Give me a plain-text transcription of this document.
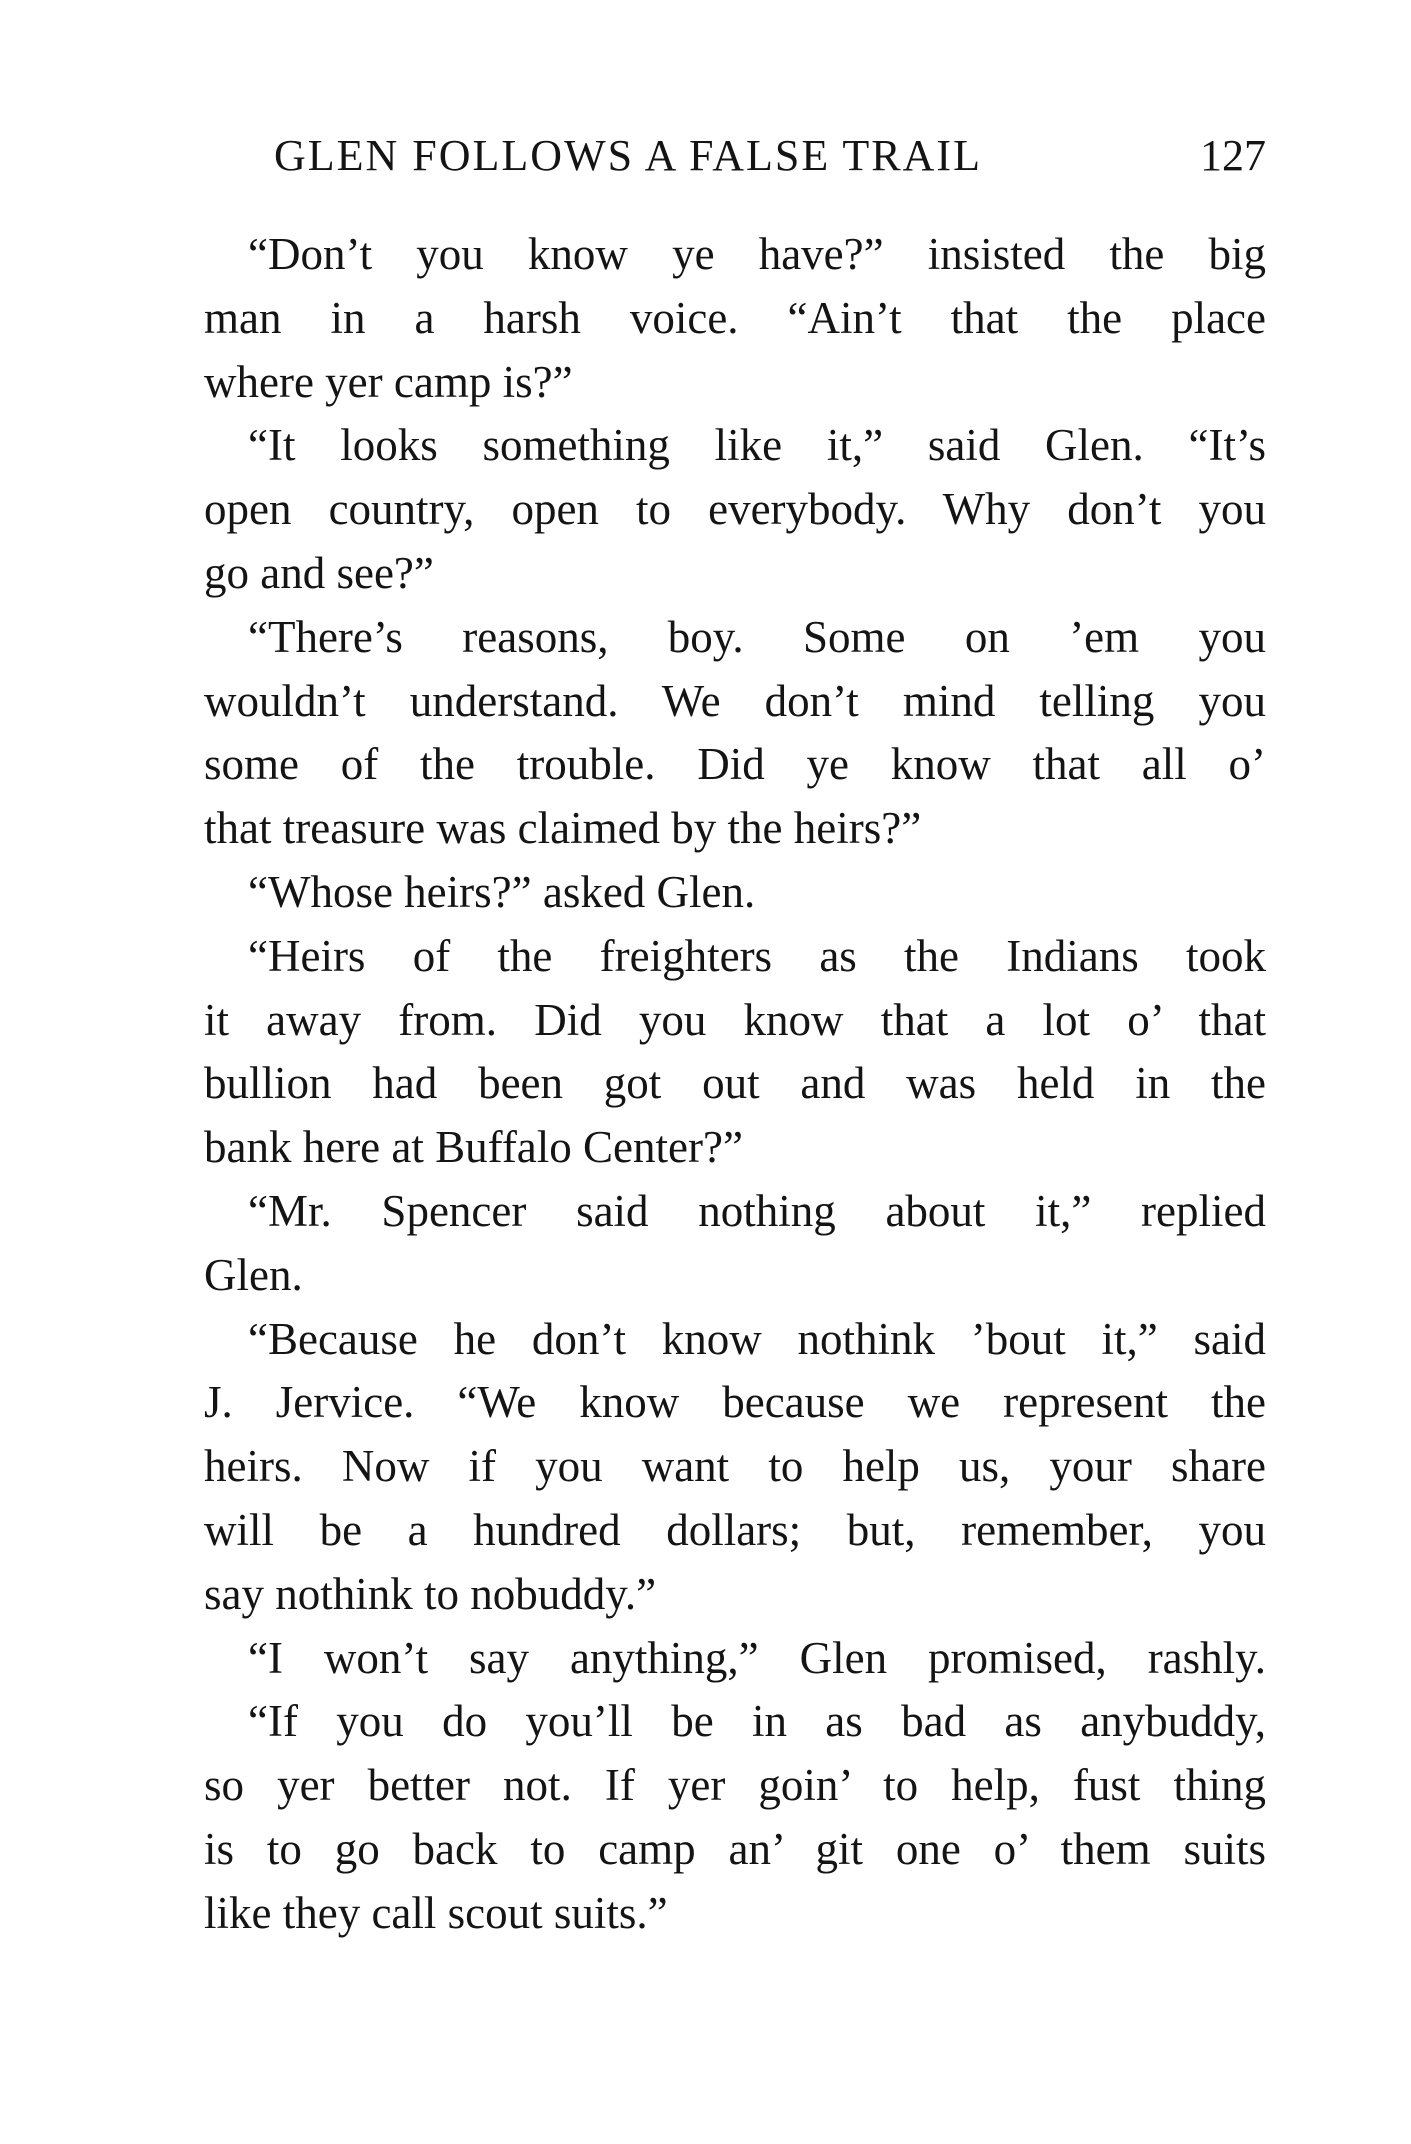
GLEN FOLLOWS A FALSE TRAIL	127
“Don’t you know ye have?” insisted the big
man in a harsh voice. “Ain’t that the place
where yer camp is?”
“It looks something like it,” said Glen. “It’s
open country, open to everybody. Why don’t you
go and see?”
“There’s reasons, boy. Some on ’em you
wouldn’t understand. We don’t mind telling you
some of the trouble. Did ye know that all o’
that treasure was claimed by the heirs?”
“Whose heirs?” asked Glen.
“Heirs of the freighters as the Indians took
it away from. Did you know that a lot o’ that
bullion had been got out and was held in the
bank here at Buffalo Center?”
“Mr. Spencer said nothing about it,” replied
Glen.
“Because he don’t know nothink ’bout it,” said
J. Jervice. “We know because we represent the
heirs. Now if you want to help us, your share
will be a hundred dollars; but, remember, you
say nothink to nobuddy.”
“I won’t say anything,” Glen promised, rashly.
“If you do you’ll be in as bad as anybuddy,
so yer better not. If yer goin’ to help, fust thing
is to go back to camp an’ git one o’ them suits
like they call scout suits.”
